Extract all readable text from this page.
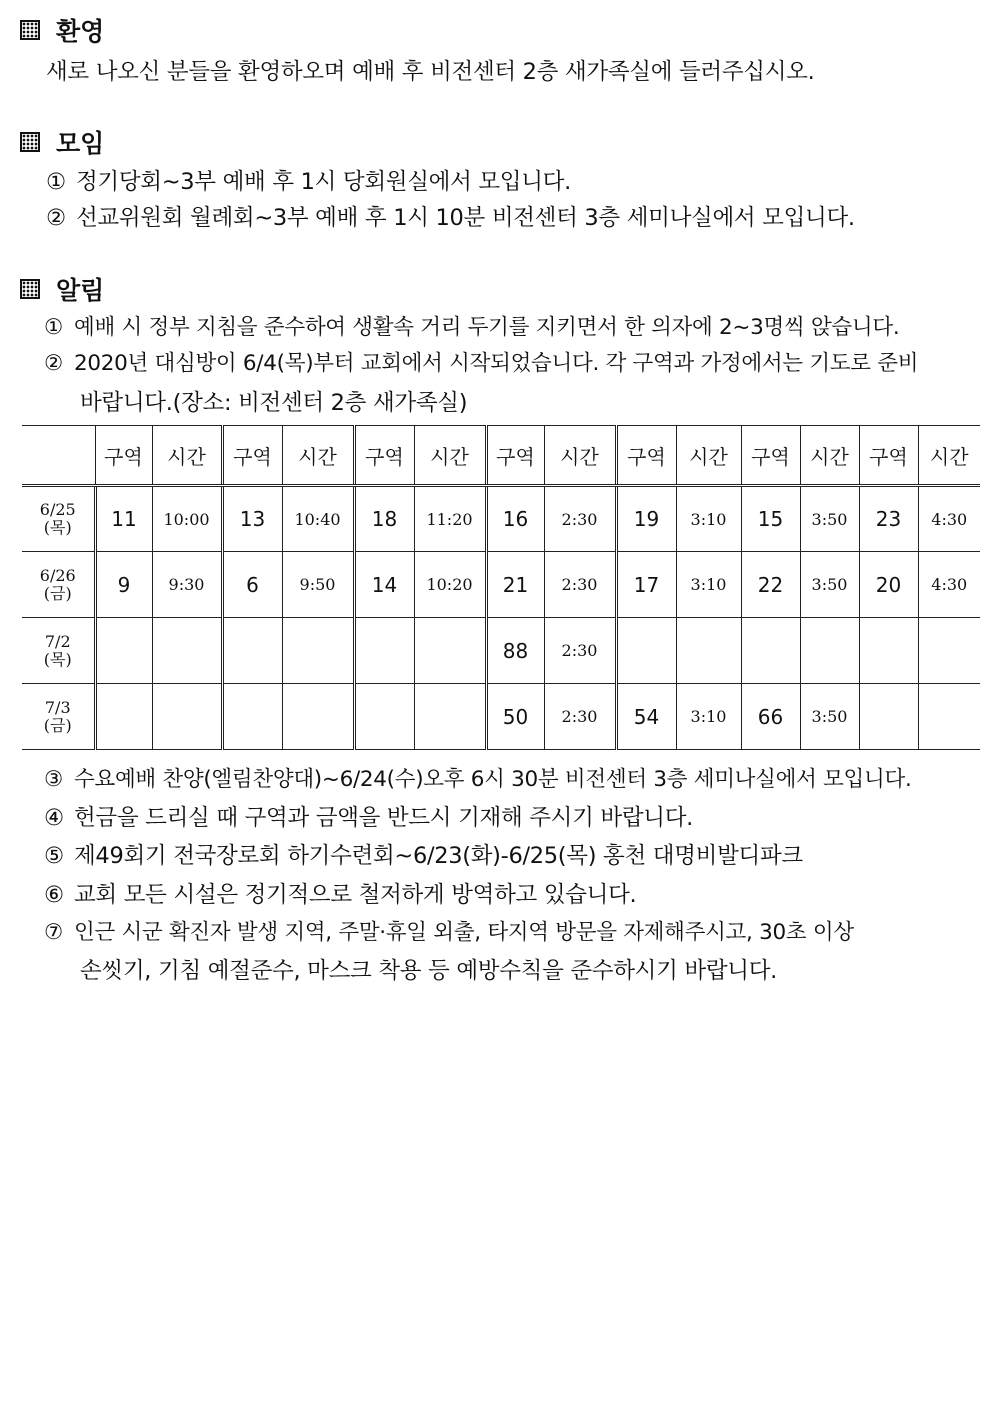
환영
새로 나오신 분들을 환영하오며 예배 후 비전센터 2층 새가족실에 들러주십시오.
모임
① 정기당회~3부 예배 후 1시 당회원실에서 모입니다.
② 선교위원회 월례회~3부 예배 후 1시 10분 비전센터 3층 세미나실에서 모입니다.
알림
① 예배 시 정부 지침을 준수하여 생활속 거리 두기를 지키면서 한 의자에 2~3명씩 앉습니다.
② 2020년 대심방이 6/4(목)부터 교회에서 시작되었습니다. 각 구역과 가정에서는 기도로 준비
바랍니다.(장소: 비전센터 2층 새가족실)
	구역	시간	구역	시간	구역	시간	구역	시간	구역	시간	구역	시간	구역	시간
6/25
(목)	11	10:00	13	10:40	18	11:20	16	2:30	19	3:10	15	3:50	23	4:30
6/26
(금)	9	9:30	6	9:50	14	10:20	21	2:30	17	3:10	22	3:50	20	4:30
7/2
(목)							88	2:30						
7/3
(금)							50	2:30	54	3:10	66	3:50		
③ 수요예배 찬양(엘림찬양대)~6/24(수)오후 6시 30분 비전센터 3층 세미나실에서 모입니다.
④ 헌금을 드리실 때 구역과 금액을 반드시 기재해 주시기 바랍니다.
⑤ 제49회기 전국장로회 하기수련회~6/23(화)-6/25(목) 홍천 대명비발디파크
⑥ 교회 모든 시설은 정기적으로 철저하게 방역하고 있습니다.
⑦ 인근 시군 확진자 발생 지역, 주말·휴일 외출, 타지역 방문을 자제해주시고, 30초 이상
손씻기, 기침 예절준수, 마스크 착용 등 예방수칙을 준수하시기 바랍니다.
